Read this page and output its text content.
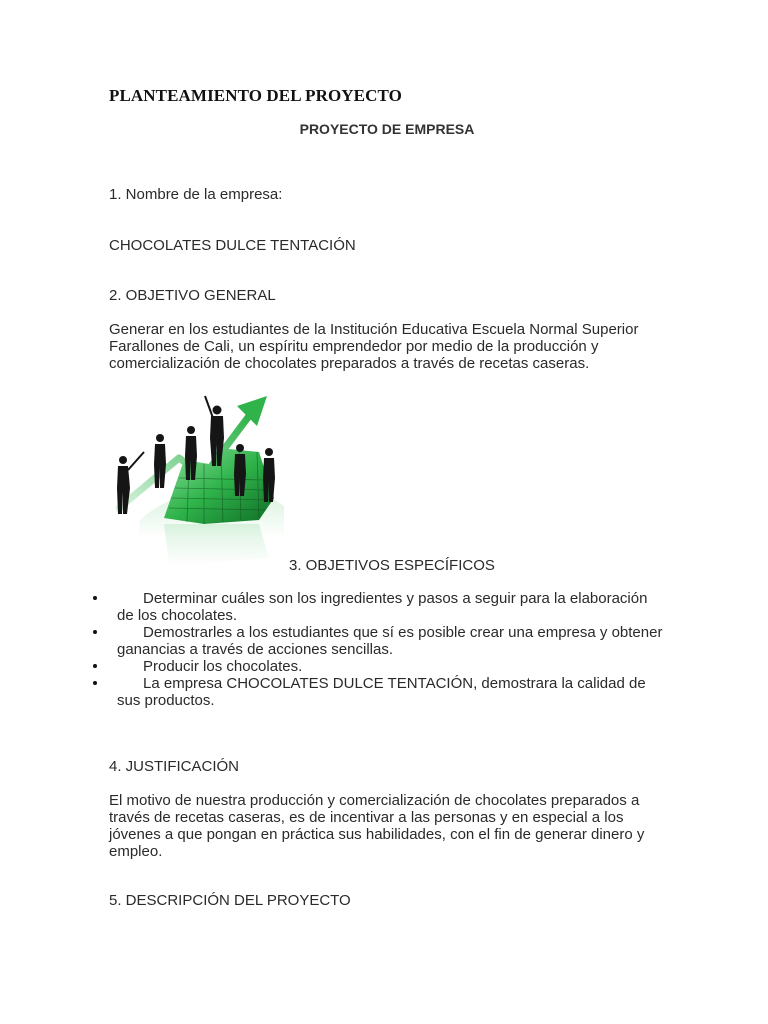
PLANTEAMIENTO DEL PROYECTO
PROYECTO DE EMPRESA
1. Nombre de la empresa:
CHOCOLATES DULCE TENTACIÓN
2. OBJETIVO GENERAL

Generar en los estudiantes de la Institución Educativa Escuela Normal Superior Farallones de Cali, un espíritu emprendedor por medio de la producción y comercialización de chocolates preparados a través de recetas caseras.

3. OBJETIVOS ESPECÍFICOS
Determinar cuáles son los ingredientes y pasos a seguir para la elaboración de los chocolates.
Demostrarles a los estudiantes que sí es posible crear una empresa y obtener ganancias a través de acciones sencillas.
Producir los chocolates.
La empresa CHOCOLATES DULCE TENTACIÓN, demostrara la calidad de sus productos.
4. JUSTIFICACIÓN

El motivo de nuestra producción y comercialización de chocolates preparados a través de recetas caseras, es de incentivar a las personas y en especial a los jóvenes a que pongan en práctica sus habilidades, con el fin de generar dinero y empleo.

5. DESCRIPCIÓN DEL PROYECTO
